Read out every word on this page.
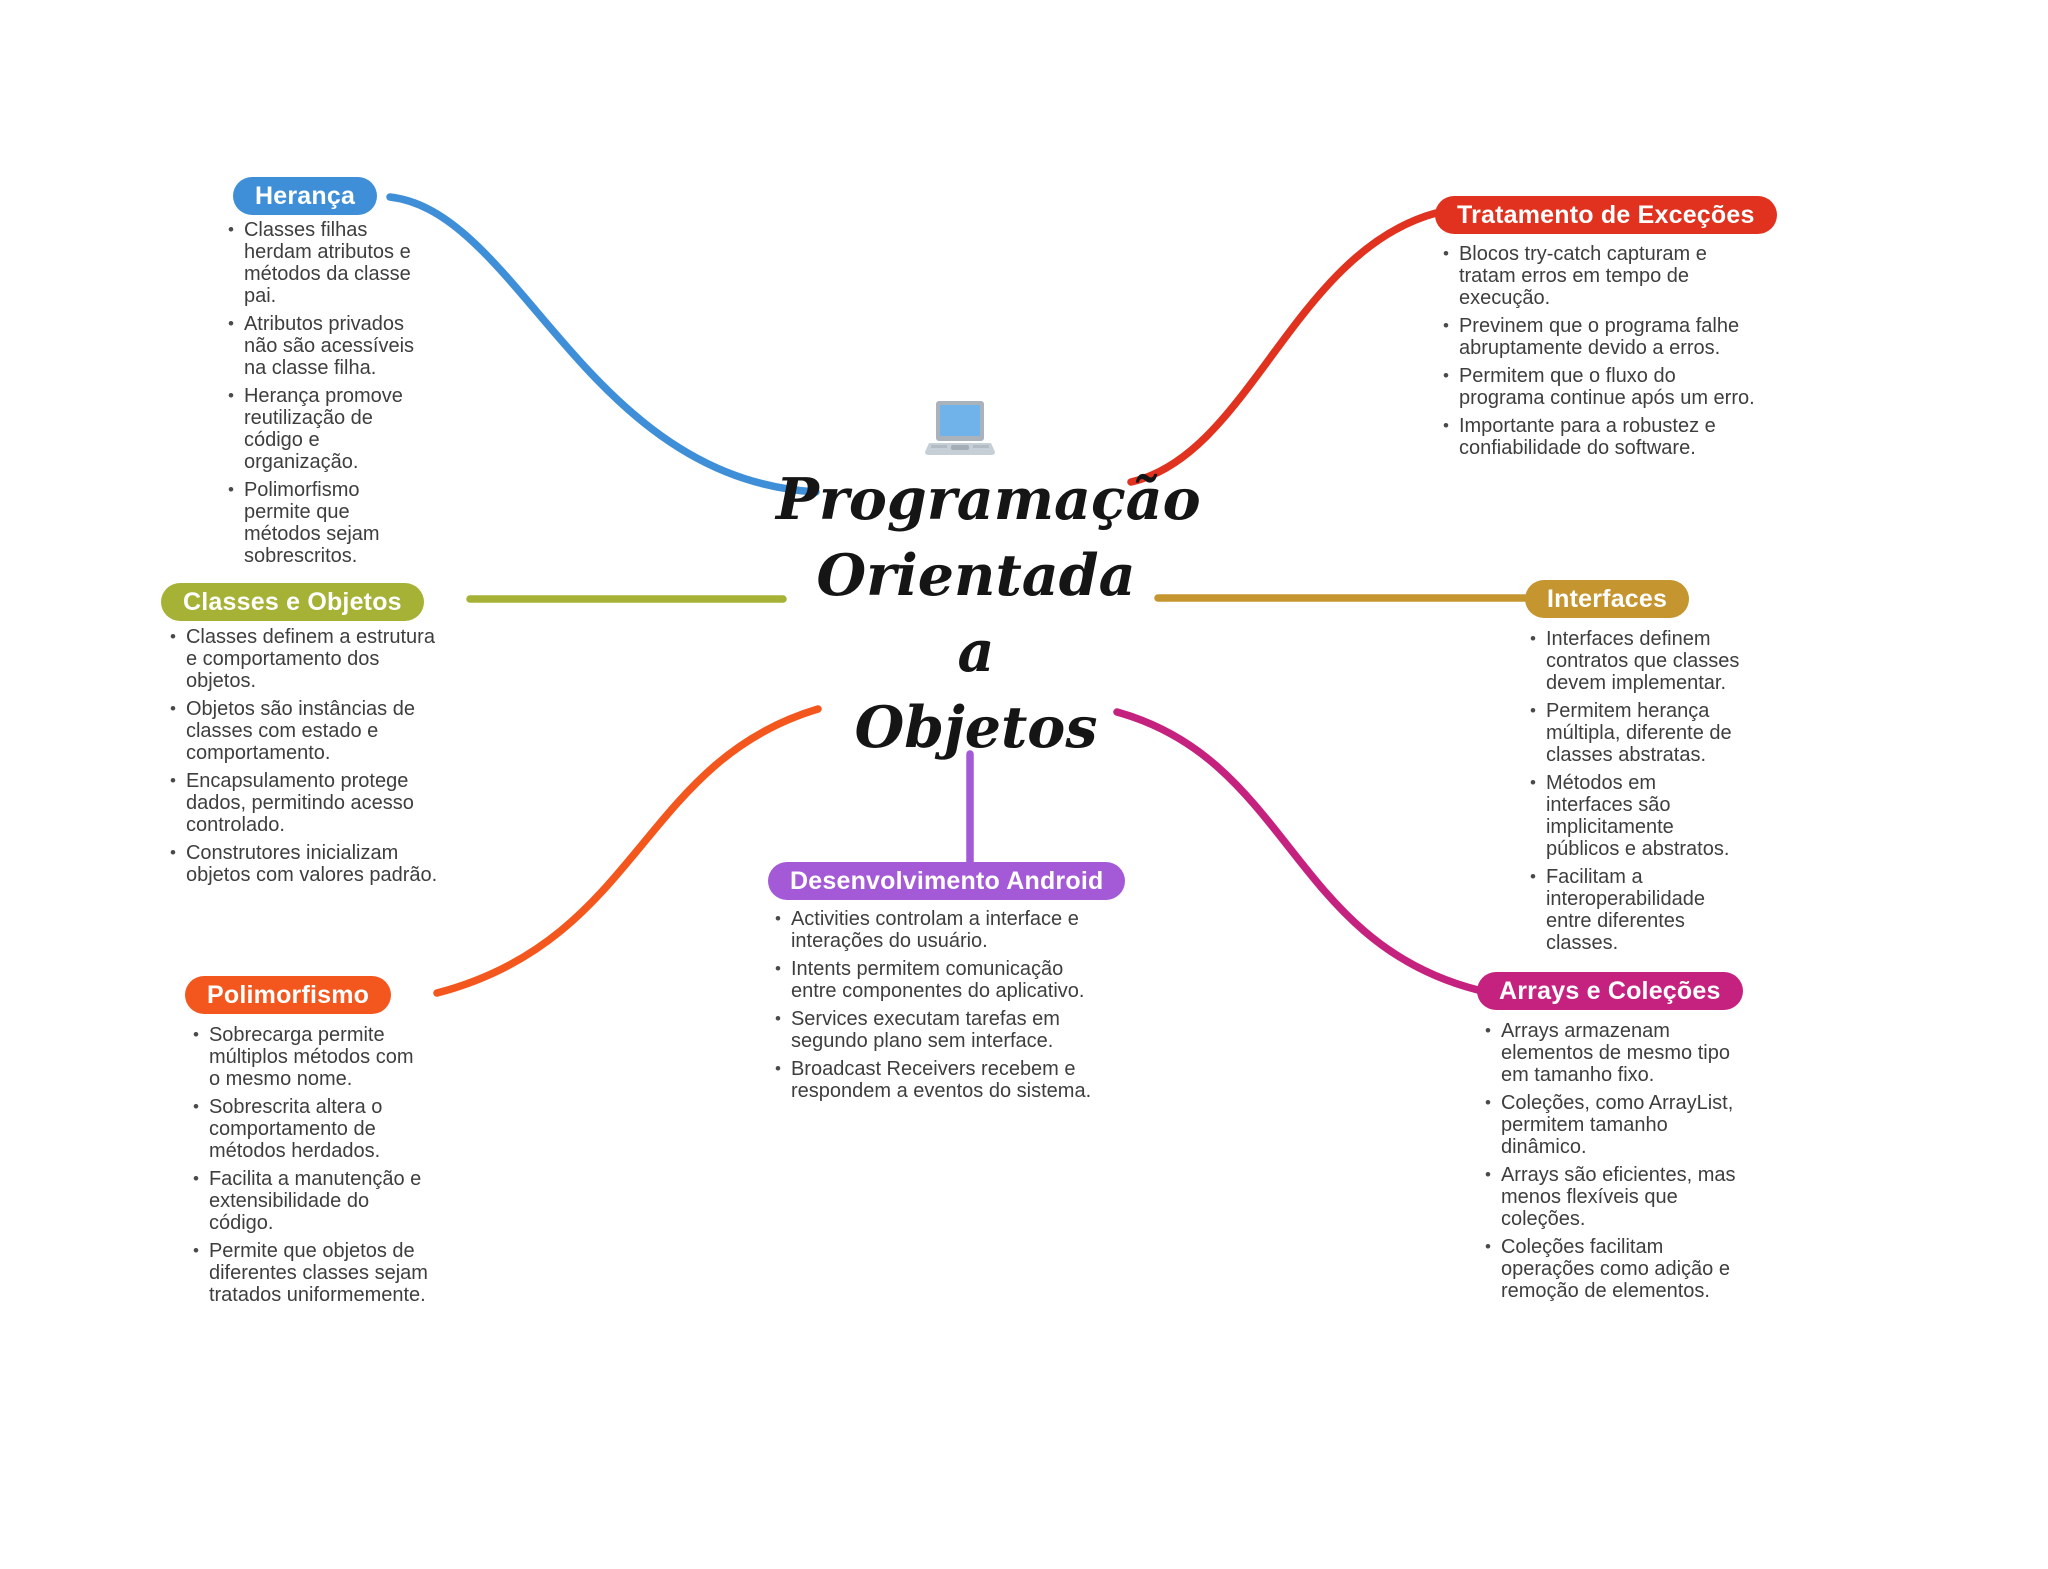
Programação
Orientada
a
Objetos
Herança
• Classes filhas herdam atributos e métodos da classe pai.
• Atributos privados não são acessíveis na classe filha.
• Herança promove reutilização de código e organização.
• Polimorfismo permite que métodos sejam sobrescritos.
Classes e Objetos
• Classes definem a estrutura e comportamento dos objetos.
• Objetos são instâncias de classes com estado e comportamento.
• Encapsulamento protege dados, permitindo acesso controlado.
• Construtores inicializam objetos com valores padrão.
Polimorfismo
• Sobrecarga permite múltiplos métodos com o mesmo nome.
• Sobrescrita altera o comportamento de métodos herdados.
• Facilita a manutenção e extensibilidade do código.
• Permite que objetos de diferentes classes sejam tratados uniformemente.
Tratamento de Exceções
• Blocos try-catch capturam e tratam erros em tempo de execução.
• Previnem que o programa falhe abruptamente devido a erros.
• Permitem que o fluxo do programa continue após um erro.
• Importante para a robustez e confiabilidade do software.
Interfaces
• Interfaces definem contratos que classes devem implementar.
• Permitem herança múltipla, diferente de classes abstratas.
• Métodos em interfaces são implicitamente públicos e abstratos.
• Facilitam a interoperabilidade entre diferentes classes.
Arrays e Coleções
• Arrays armazenam elementos de mesmo tipo em tamanho fixo.
• Coleções, como ArrayList, permitem tamanho dinâmico.
• Arrays são eficientes, mas menos flexíveis que coleções.
• Coleções facilitam operações como adição e remoção de elementos.
Desenvolvimento Android
• Activities controlam a interface e interações do usuário.
• Intents permitem comunicação entre componentes do aplicativo.
• Services executam tarefas em segundo plano sem interface.
• Broadcast Receivers recebem e respondem a eventos do sistema.
